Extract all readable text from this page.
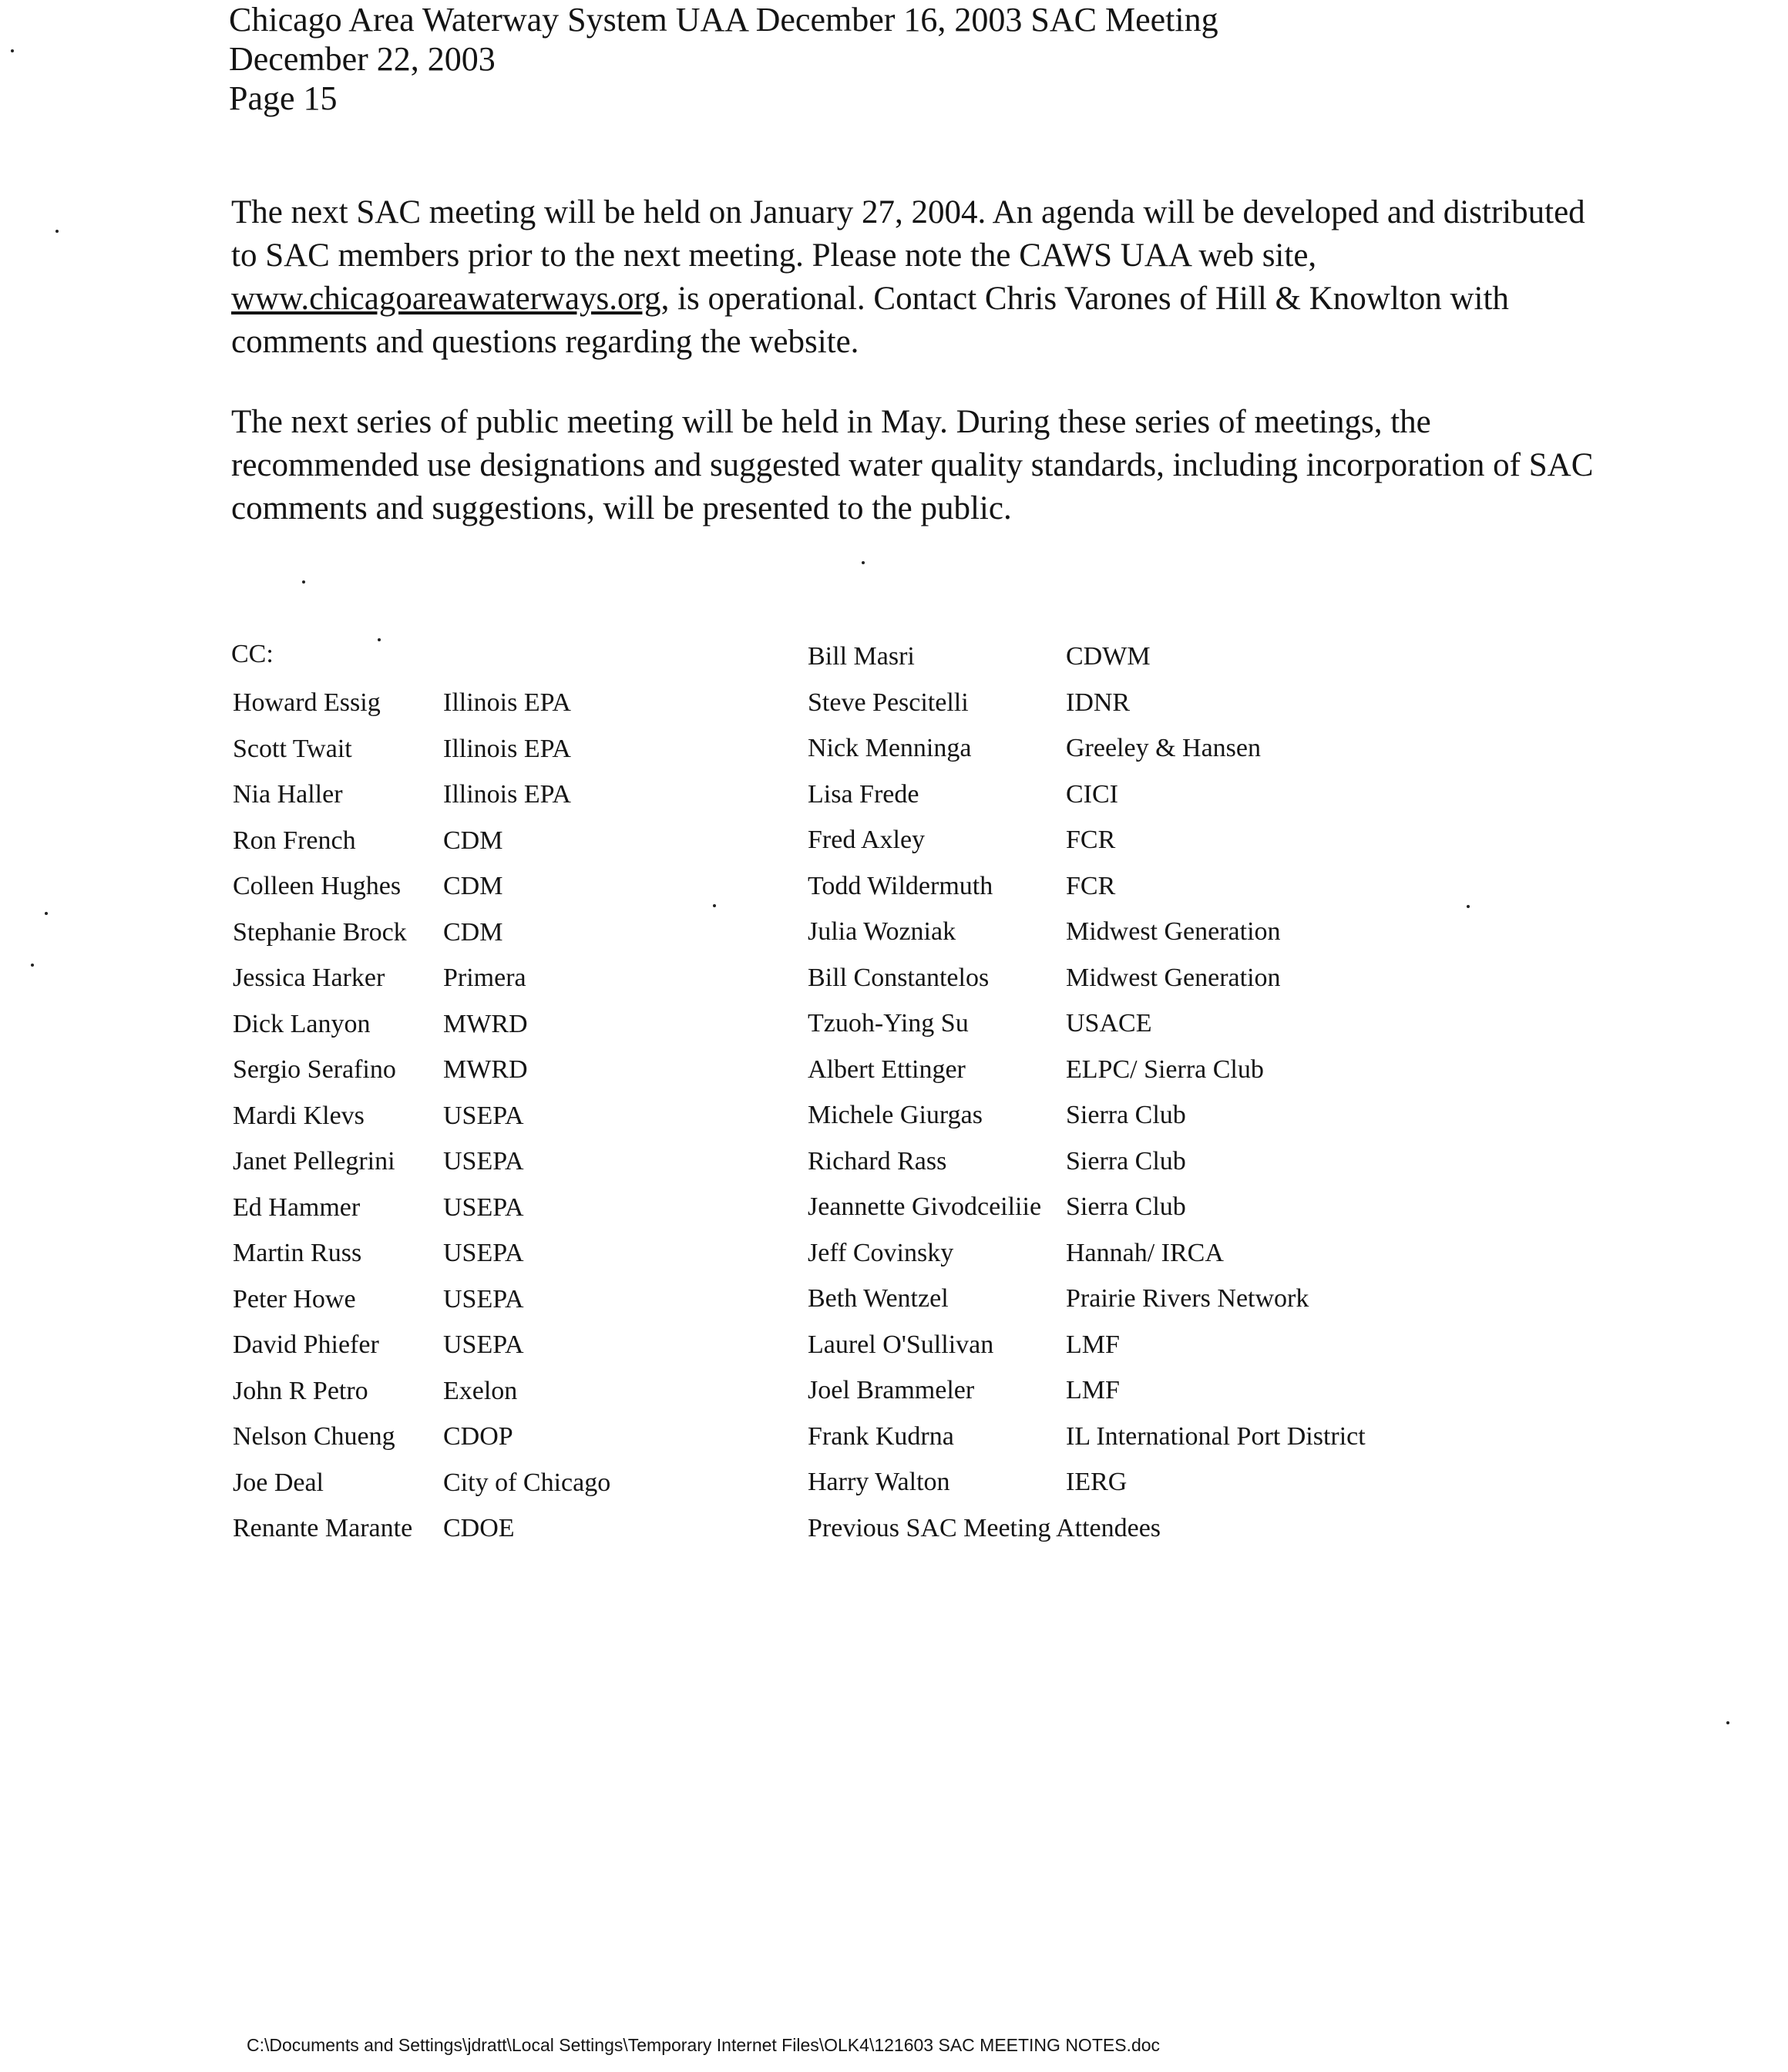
Chicago Area Waterway System UAA December 16, 2003 SAC Meeting
December 22, 2003
Page 15
The next SAC meeting will be held on January 27, 2004. An agenda will be developed and distributed to SAC members prior to the next meeting. Please note the CAWS UAA web site, www.chicagoareawaterways.org, is operational. Contact Chris Varones of Hill & Knowlton with comments and questions regarding the website.
The next series of public meeting will be held in May. During these series of meetings, the recommended use designations and suggested water quality standards, including incorporation of SAC comments and suggestions, will be presented to the public.
CC:
Howard Essig Illinois EPA
Scott Twait	Illinois EPA
Nia Haller	Illinois EPA
Ron French	CDM
Colleen Hughes CDM
Stephanie Brock CDM
Jessica Harker Primera
Dick Lanyon	MWRD
Sergio Serafino MWRD
Mardi Klevs	USEPA
Janet Pellegrini USEPA
Ed Hammer	USEPA
Martin Russ	USEPA
Peter Howe	USEPA
David Phiefer USEPA
John R Petro	Exelon
Nelson Chueng CDOP
Joe Deal	City of Chicago
Renante Marante CDOE
Bill Masri	CDWM
Steve Pescitelli	IDNR
Nick Menninga	Greeley & Hansen
Lisa Frede	CICI
Fred Axley	FCR
Todd Wildermuth	FCR
Julia Wozniak	Midwest Generation
Bill Constantelos	Midwest Generation
Tzuoh-Ying Su	USACE
Albert Ettinger	ELPC/ Sierra Club
Michele Giurgas	Sierra Club
Richard Rass	Sierra Club
Jeannette Givodceiliie Sierra Club
Jeff Covinsky	Hannah/ IRCA
Beth Wentzel	Prairie Rivers Network
Laurel O'Sullivan	LMF
Joel Brammeler	LMF
Frank Kudrna	IL International Port District
Harry Walton	IERG
Previous SAC Meeting Attendees
C:\Documents and Settings\jdratt\Local Settings\Temporary Internet Files\OLK4\121603 SAC MEETING NOTES.doc
